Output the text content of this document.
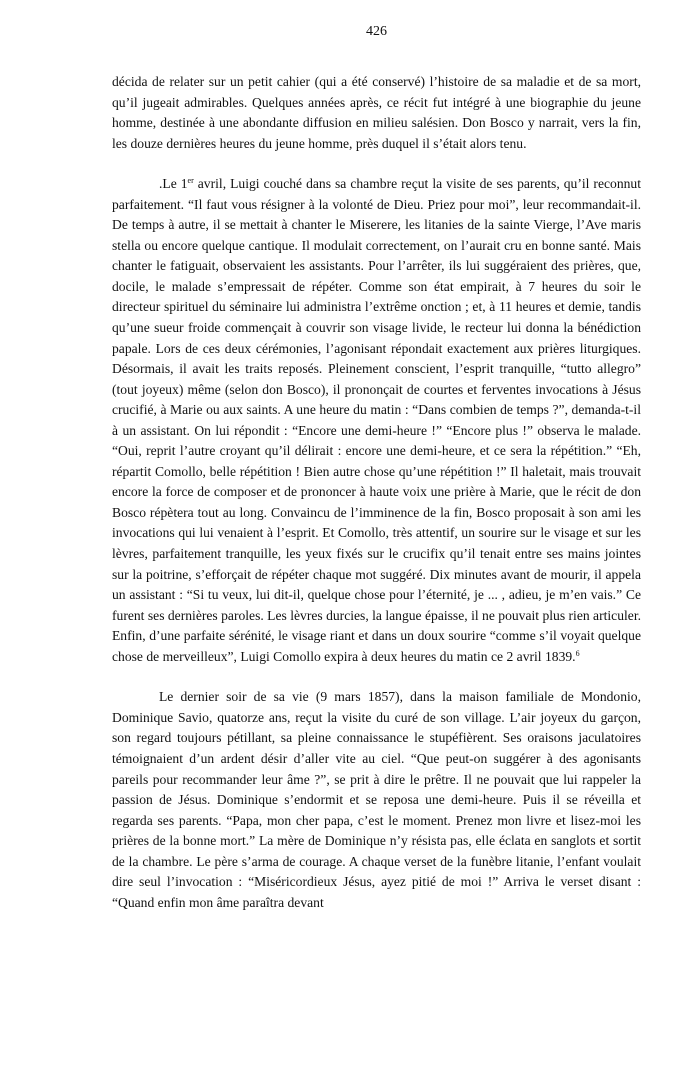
426

décida de relater sur un petit cahier (qui a été conservé) l’histoire de sa maladie et de sa mort, qu’il jugeait admirables. Quelques années après, ce récit fut intégré à une biographie du jeune homme, destinée à une abondante diffusion en milieu salésien. Don Bosco y narrait, vers la fin, les douze dernières heures du jeune homme, près duquel il s’était alors tenu.

.Le 1er avril, Luigi couché dans sa chambre reçut la visite de ses parents, qu’il reconnut parfaitement. “Il faut vous résigner à la volonté de Dieu. Priez pour moi”, leur recommandait-il. De temps à autre, il se mettait à chanter le Miserere, les litanies de la sainte Vierge, l’Ave maris stella ou encore quelque cantique. Il modulait correctement, on l’aurait cru en bonne santé. Mais chanter le fatiguait, observaient les assistants. Pour l’arrêter, ils lui suggéraient des prières, que, docile, le malade s’empressait de répéter. Comme son état empirait, à 7 heures du soir le directeur spirituel du séminaire lui administra l’extrême onction ; et, à 11 heures et demie, tandis qu’une sueur froide commençait à couvrir son visage livide, le recteur lui donna la bénédiction papale. Lors de ces deux cérémonies, l’agonisant répondait exactement aux prières liturgiques. Désormais, il avait les traits reposés. Pleinement conscient, l’esprit tranquille, “tutto allegro” (tout joyeux) même (selon don Bosco), il prononçait de courtes et ferventes invocations à Jésus crucifié, à Marie ou aux saints. A une heure du matin : “Dans combien de temps ?”, demanda-t-il à un assistant. On lui répondit : “Encore une demi-heure !” “Encore plus !” observa le malade. “Oui, reprit l’autre croyant qu’il délirait : encore une demi-heure, et ce sera la répétition.” “Eh, répartit Comollo, belle répétition ! Bien autre chose qu’une répétition !” Il haletait, mais trouvait encore la force de composer et de prononcer à haute voix une prière à Marie, que le récit de don Bosco répètera tout au long. Convaincu de l’imminence de la fin, Bosco proposait à son ami les invocations qui lui venaient à l’esprit. Et Comollo, très attentif, un sourire sur le visage et sur les lèvres, parfaitement tranquille, les yeux fixés sur le crucifix qu’il tenait entre ses mains jointes sur la poitrine, s’efforçait de répéter chaque mot suggéré. Dix minutes avant de mourir, il appela un assistant : “Si tu veux, lui dit-il, quelque chose pour l’éternité, je ... , adieu, je m’en vais.” Ce furent ses dernières paroles. Les lèvres durcies, la langue épaisse, il ne pouvait plus rien articuler. Enfin, d’une parfaite sérénité, le visage riant et dans un doux sourire “comme s’il voyait quelque chose de merveilleux”, Luigi Comollo expira à deux heures du matin ce 2 avril 1839.$^6$

Le dernier soir de sa vie (9 mars 1857), dans la maison familiale de Mondonio, Dominique Savio, quatorze ans, reçut la visite du curé de son village. L’air joyeux du garçon, son regard toujours pétillant, sa pleine connaissance le stupéfièrent. Ses oraisons jaculatoires témoignaient d’un ardent désir d’aller vite au ciel. “Que peut-on suggérer à des agonisants pareils pour recommander leur âme ?”, se prit à dire le prêtre. Il ne pouvait que lui rappeler la passion de Jésus. Dominique s’endormit et se reposa une demi-heure. Puis il se réveilla et regarda ses parents. “Papa, mon cher papa, c’est le moment. Prenez mon livre et lisez-moi les prières de la bonne mort.” La mère de Dominique n’y résista pas, elle éclata en sanglots et sortit de la chambre. Le père s’arma de courage. A chaque verset de la funèbre litanie, l’enfant voulait dire seul l’invocation : “Miséricordieux Jésus, ayez pitié de moi !” Arriva le verset disant : “Quand enfin mon âme paraîtra devant
